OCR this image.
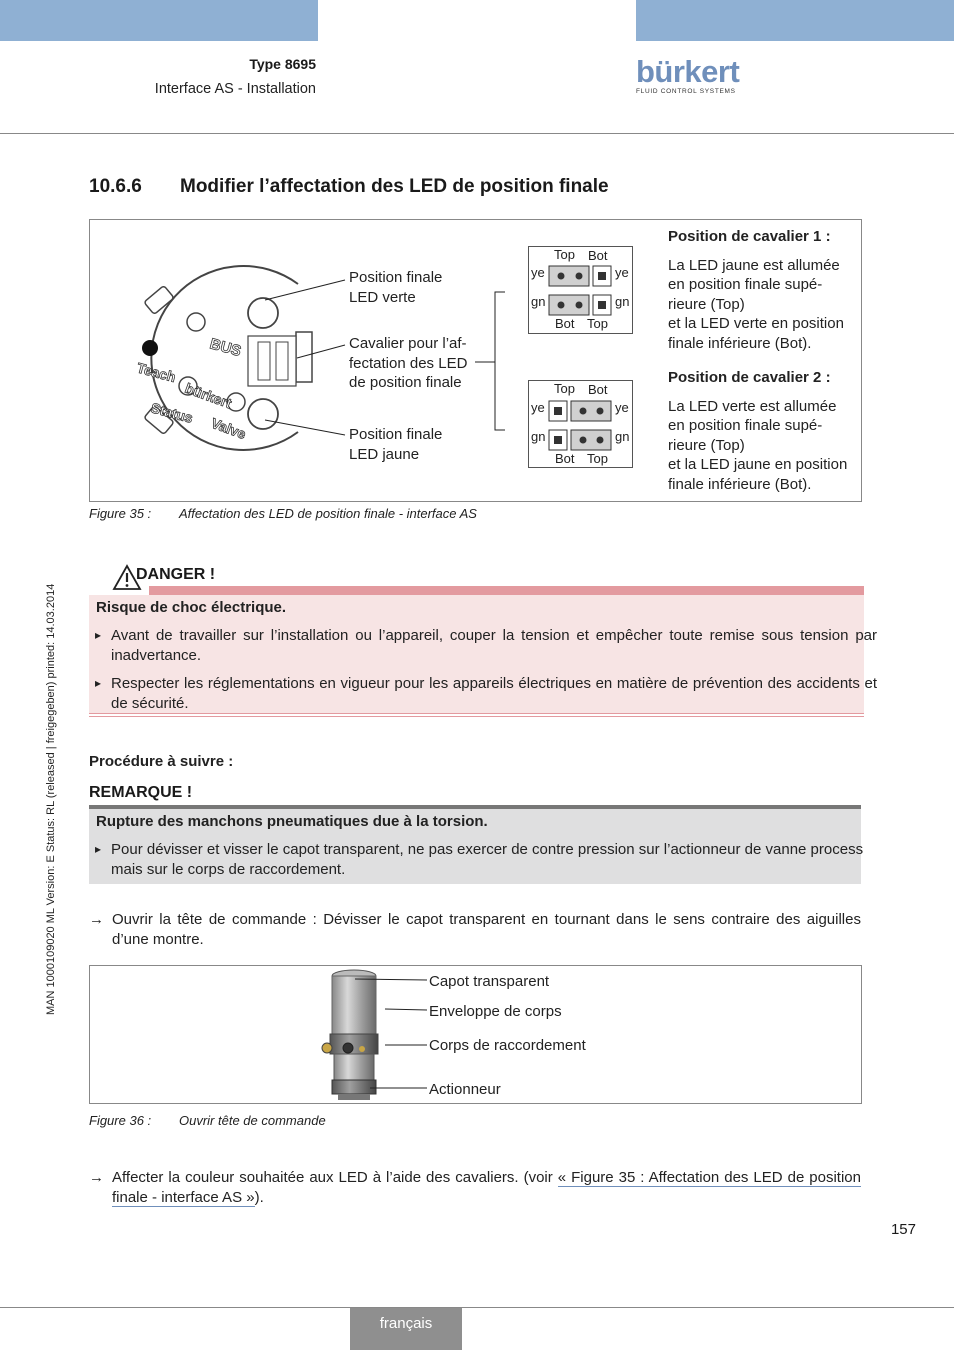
Type 8695
Interface AS - Installation	bürkert
FLUID CONTROL SYSTEMS
MAN 1000109020 ML Version: E Status: RL (released | freigegeben) printed: 14.03.2014
10.6.6 Modifier l’affectation des LED de position finale
BUS
Teach
bürkert
Status
Valve
Position finale
LED verte
Cavalier pour l’af-
fectation des LED
de position finale
Position finale
LED jaune
Top Bot
ye	ye
gn	gn
Bot Top
Top Bot
ye	ye
gn	gn
Bot Top
Position de cavalier 1 :
La LED jaune est allumée
en position finale supé-
rieure (Top)
et la LED verte en position
finale inférieure (Bot).
Position de cavalier 2 :
La LED verte est allumée
en position finale supé-
rieure (Top)
et la LED jaune en position
finale inférieure (Bot).
Figure 35 : Affectation des LED de position finale - interface AS
DANGER !
Risque de choc électrique.
▸ Avant de travailler sur l’installation ou l’appareil, couper la tension et empêcher toute remise sous tension par inadvertance.
▸ Respecter les réglementations en vigueur pour les appareils électriques en matière de prévention des accidents et de sécurité.
Procédure à suivre :
REMARQUE !
Rupture des manchons pneumatiques due à la torsion.
▸ Pour dévisser et visser le capot transparent, ne pas exercer de contre pression sur l’actionneur de vanne process mais sur le corps de raccordement.
→ Ouvrir la tête de commande : Dévisser le capot transparent en tournant dans le sens contraire des aiguilles d’une montre.
Capot transparent
Enveloppe de corps
Corps de raccordement
Actionneur
Figure 36 : Ouvrir tête de commande
→ Affecter la couleur souhaitée aux LED à l’aide des cavaliers. (voir « Figure 35 : Affectation des LED de position finale - interface AS »).
157
français
